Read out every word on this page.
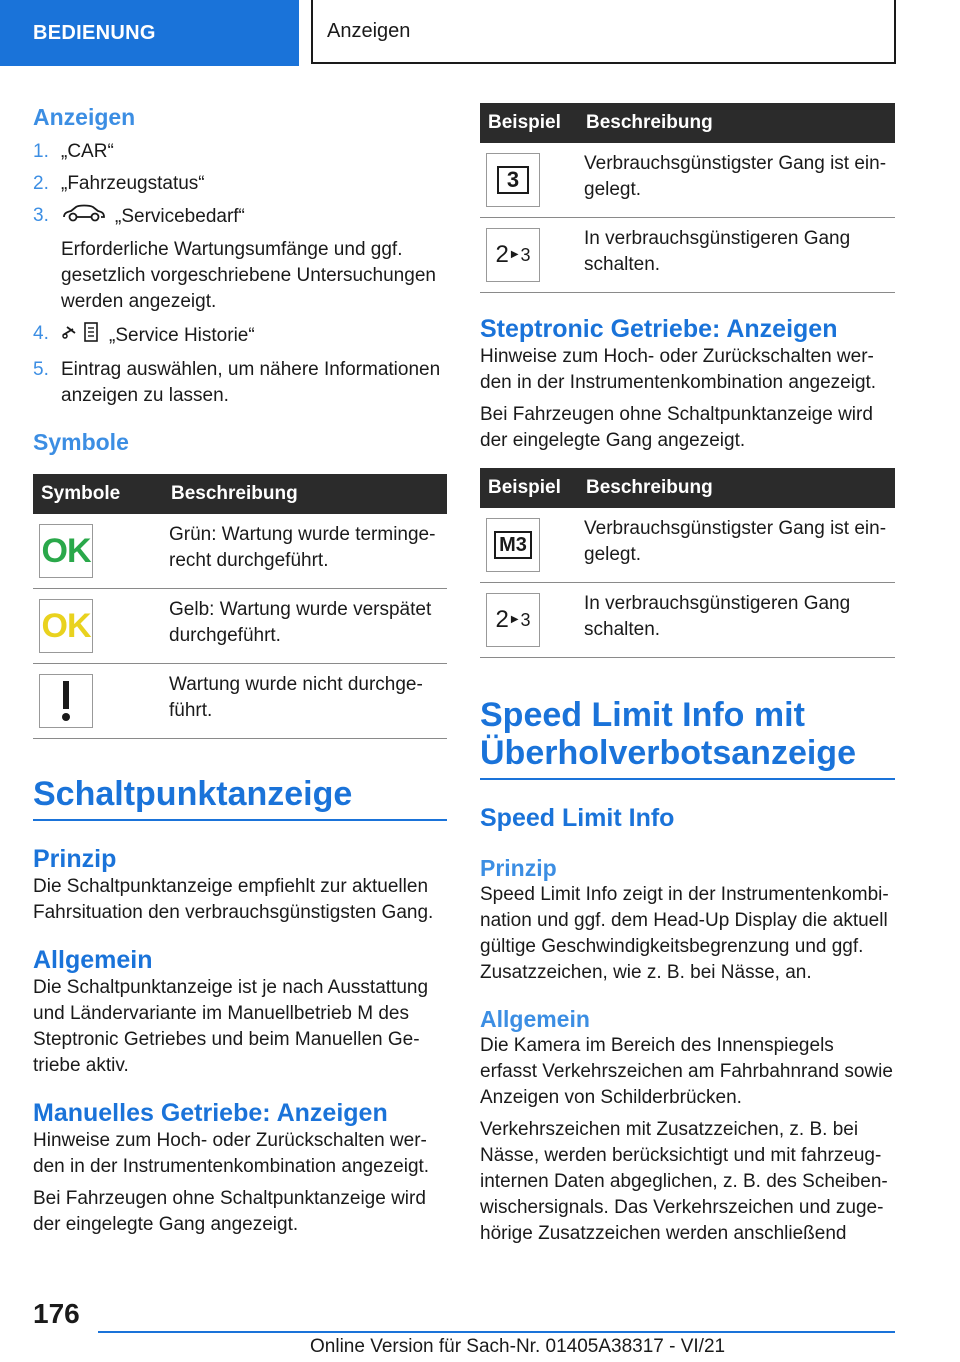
BEDIENUNG	Anzeigen
Anzeigen
1. „CAR“
2. „Fahrzeugstatus“
3.	„Servicebedarf“
Erforderliche Wartungsumfänge und ggf. gesetzlich vorgeschriebene Untersuchungen werden angezeigt.
4.	„Service Historie“
5. Eintrag auswählen, um nähere Informationen anzeigen zu lassen.
Symbole
Symbole	Beschreibung

OK	Grün: Wartung wurde termingerecht durchgeführt.

OK	Gelb: Wartung wurde verspätet durchgeführt.

	Wartung wurde nicht durchgeführt.
Schaltpunktanzeige
Prinzip

Die Schaltpunktanzeige empfiehlt zur aktuellen Fahrsituation den verbrauchsgünstigsten Gang.

Allgemein

Die Schaltpunktanzeige ist je nach Ausstattung und Ländervariante im Manuellbetrieb M des Steptronic Getriebes und beim Manuellen Getriebe aktiv.

Manuelles Getriebe: Anzeigen

Hinweise zum Hoch- oder Zurückschalten werden in der Instrumentenkombination angezeigt.

Bei Fahrzeugen ohne Schaltpunktanzeige wird der eingelegte Gang angezeigt.

Beispiel	Beschreibung

3	Verbrauchsgünstigster Gang ist eingelegt.

2 ▶ 3	In verbrauchsgünstigeren Gang schalten.
Steptronic Getriebe: Anzeigen

Hinweise zum Hoch- oder Zurückschalten werden in der Instrumentenkombination angezeigt.

Bei Fahrzeugen ohne Schaltpunktanzeige wird der eingelegte Gang angezeigt.

Beispiel	Beschreibung

M3	Verbrauchsgünstigster Gang ist eingelegt.

2 ▶ 3	In verbrauchsgünstigeren Gang schalten.
Speed Limit Info mit Überholverbotsanzeige
Speed Limit Info
Prinzip

Speed Limit Info zeigt in der Instrumentenkombination und ggf. dem Head-Up Display die aktuell gültige Geschwindigkeitsbegrenzung und ggf. Zusatzzeichen, wie z. B. bei Nässe, an.

Allgemein

Die Kamera im Bereich des Innenspiegels erfasst Verkehrszeichen am Fahrbahnrand sowie Anzeigen von Schilderbrücken.

Verkehrszeichen mit Zusatzzeichen, z. B. bei Nässe, werden berücksichtigt und mit fahrzeuginternen Daten abgeglichen, z. B. des Scheibenwischersignals. Das Verkehrszeichen und zugehörige Zusatzzeichen werden anschließend

176
Online Version für Sach-Nr. 01405A38317 - VI/21
